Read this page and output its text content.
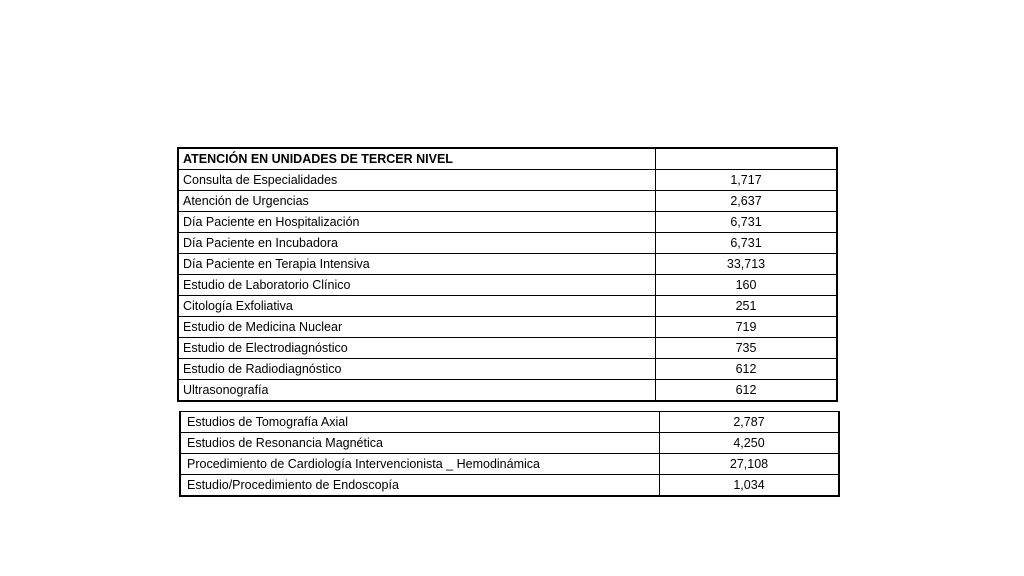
ATENCIÓN EN UNIDADES DE TERCER NIVEL	
Consulta de Especialidades	1,717
Atención de Urgencias	2,637
Día Paciente en Hospitalización	6,731
Día Paciente en Incubadora	6,731
Día Paciente en Terapia Intensiva	33,713
Estudio de Laboratorio Clínico	160
Citología Exfoliativa	251
Estudio de Medicina Nuclear	719
Estudio de Electrodiagnóstico	735
Estudio de Radiodiagnóstico	612
Ultrasonografía	612
Estudios de Tomografía Axial	2,787
Estudios de Resonancia Magnética	4,250
Procedimiento de Cardiología Intervencionista _ Hemodinámica	27,108
Estudio/Procedimiento de Endoscopía	1,034
